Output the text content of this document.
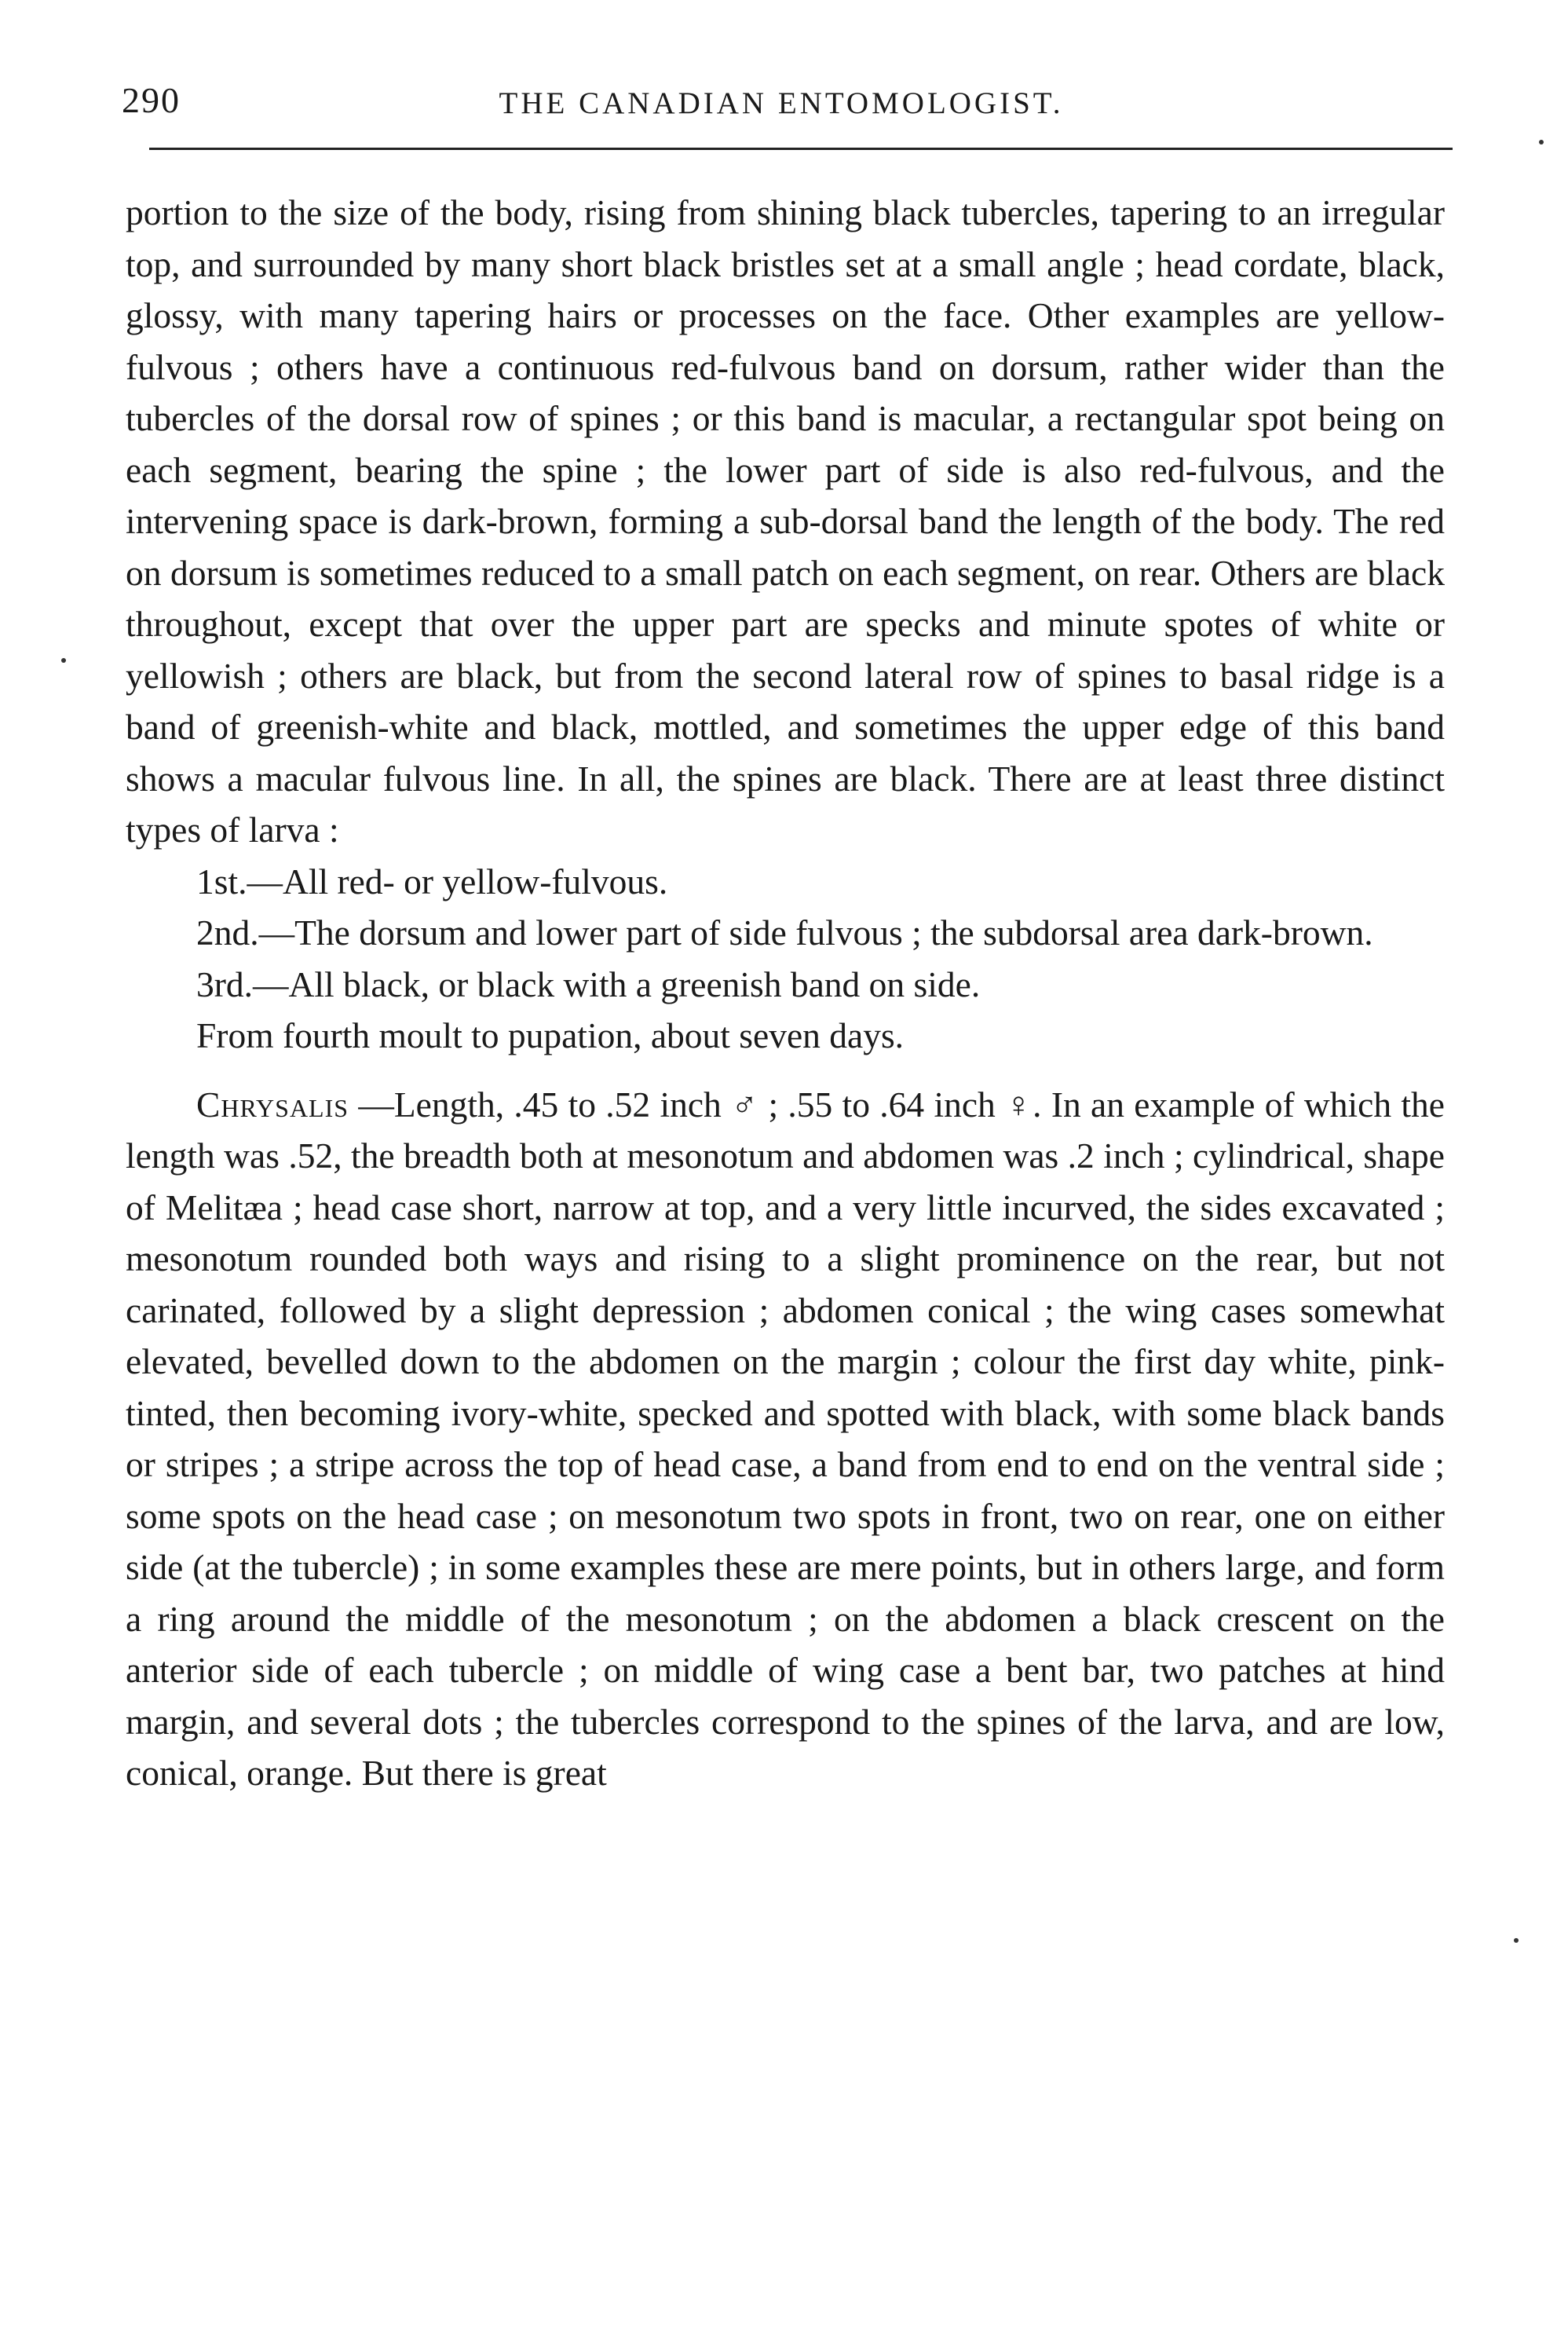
290	THE CANADIAN ENTOMOLOGIST.

portion to the size of the body, rising from shining black tubercles, tapering to an irregular top, and surrounded by many short black bristles set at a small angle ; head cordate, black, glossy, with many tapering hairs or processes on the face. Other examples are yellow-fulvous ; others have a continuous red-fulvous band on dorsum, rather wider than the tubercles of the dorsal row of spines ; or this band is macular, a rectangular spot being on each segment, bearing the spine ; the lower part of side is also red-fulvous, and the intervening space is dark-brown, forming a sub-dorsal band the length of the body. The red on dorsum is sometimes reduced to a small patch on each segment, on rear. Others are black throughout, except that over the upper part are specks and minute spotes of white or yellowish ; others are black, but from the second lateral row of spines to basal ridge is a band of greenish-white and black, mottled, and sometimes the upper edge of this band shows a macular fulvous line. In all, the spines are black. There are at least three distinct types of larva :

1st.—All red- or yellow-fulvous.

2nd.—The dorsum and lower part of side fulvous ; the subdorsal area dark-brown.

3rd.—All black, or black with a greenish band on side.

From fourth moult to pupation, about seven days.

Chrysalis —Length, .45 to .52 inch ♂ ; .55 to .64 inch ♀. In an example of which the length was .52, the breadth both at mesonotum and abdomen was .2 inch ; cylindrical, shape of Melitæa ; head case short, narrow at top, and a very little incurved, the sides excavated ; mesonotum rounded both ways and rising to a slight prominence on the rear, but not carinated, followed by a slight depression ; abdomen conical ; the wing cases somewhat elevated, bevelled down to the abdomen on the margin ; colour the first day white, pink-tinted, then becoming ivory-white, specked and spotted with black, with some black bands or stripes ; a stripe across the top of head case, a band from end to end on the ventral side ; some spots on the head case ; on mesonotum two spots in front, two on rear, one on either side (at the tubercle) ; in some examples these are mere points, but in others large, and form a ring around the middle of the mesonotum ; on the abdomen a black crescent on the anterior side of each tubercle ; on middle of wing case a bent bar, two patches at hind margin, and several dots ; the tubercles correspond to the spines of the larva, and are low, conical, orange. But there is great
